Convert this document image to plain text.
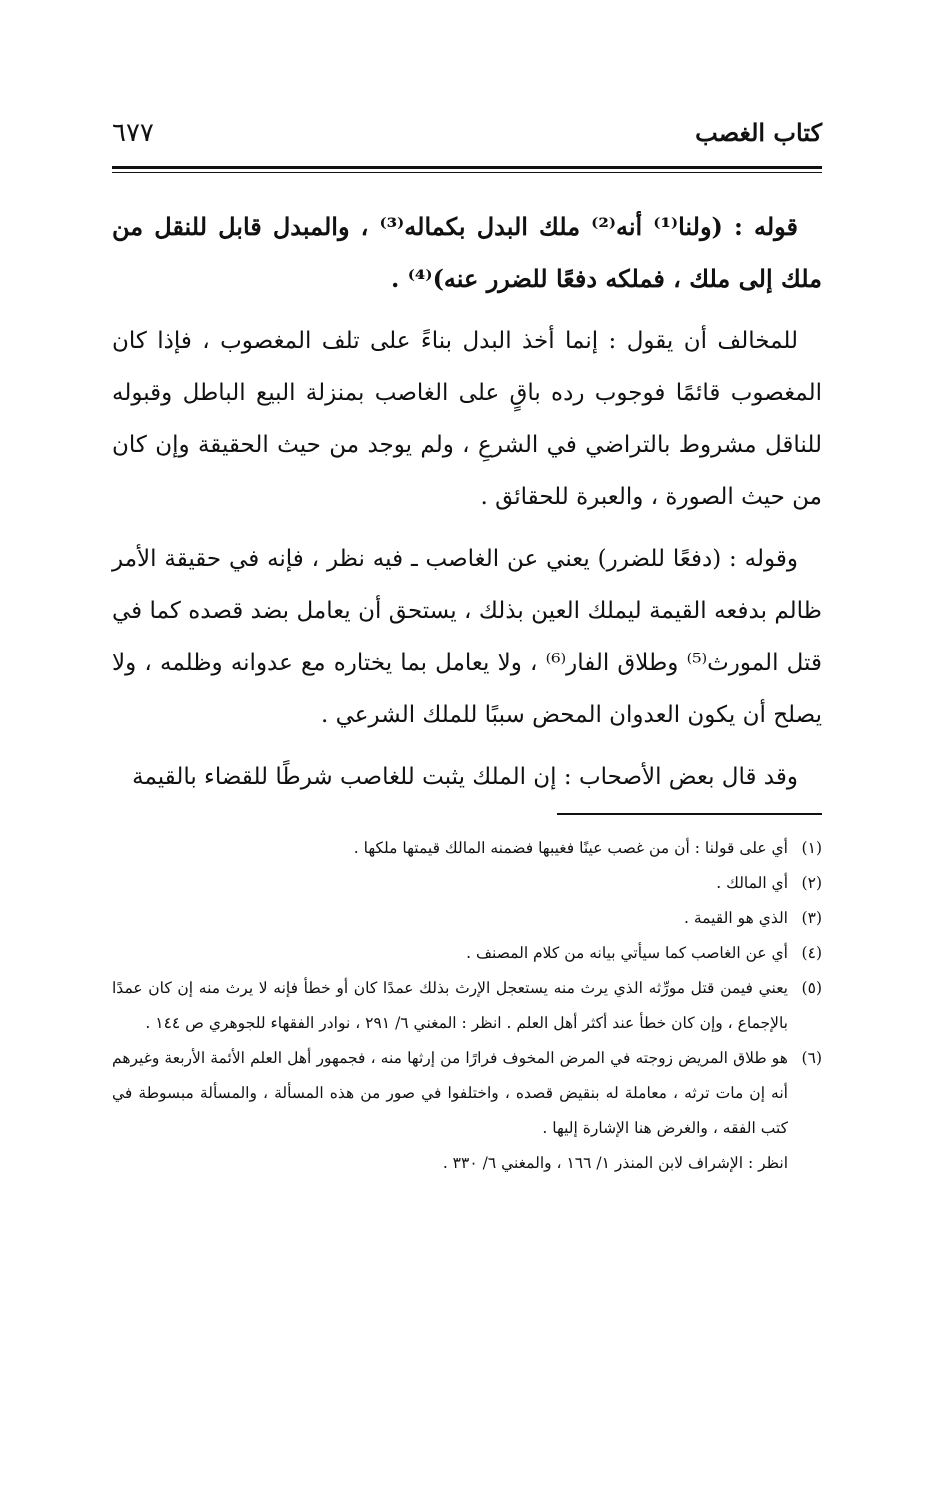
كتاب الغصب
٦٧٧

قوله : (ولنا⁽¹⁾ أنه⁽²⁾ ملك البدل بكماله⁽³⁾ ، والمبدل قابل للنقل من ملك إلى ملك ، فملكه دفعًا للضرر عنه)⁽⁴⁾ .

للمخالف أن يقول : إنما أخذ البدل بناءً على تلف المغصوب ، فإذا كان المغصوب قائمًا فوجوب رده باقٍ على الغاصب بمنزلة البيع الباطل وقبوله للناقل مشروط بالتراضي في الشرعِ ، ولم يوجد من حيث الحقيقة وإن كان من حيث الصورة ، والعبرة للحقائق .

وقوله : (دفعًا للضرر) يعني عن الغاصب ـ فيه نظر ، فإنه في حقيقة الأمر ظالم بدفعه القيمة ليملك العين بذلك ، يستحق أن يعامل بضد قصده كما في قتل المورث⁽⁵⁾ وطلاق الفار⁽⁶⁾ ، ولا يعامل بما يختاره مع عدوانه وظلمه ، ولا يصلح أن يكون العدوان المحض سببًا للملك الشرعي .

وقد قال بعض الأصحاب : إن الملك يثبت للغاصب شرطًا للقضاء بالقيمة

(١)
أي على قولنا : أن من غصب عينًا فغيبها فضمنه المالك قيمتها ملكها .
(٢)
أي المالك .
(٣)
الذي هو القيمة .
(٤)
أي عن الغاصب كما سيأتي بيانه من كلام المصنف .
(٥)
يعني فيمن قتل مورِّثه الذي يرث منه يستعجل الإرث بذلك عمدًا كان أو خطأ فإنه لا يرث منه إن كان عمدًا بالإجماع ، وإن كان خطأ عند أكثر أهل العلم . انظر : المغني ٦/ ٢٩١ ، نوادر الفقهاء للجوهري ص ١٤٤ .
(٦)
هو طلاق المريض زوجته في المرض المخوف فرارًا من إرثها منه ، فجمهور أهل العلم الأئمة الأربعة وغيرهم أنه إن مات ترثه ، معاملة له بنقيض قصده ، واختلفوا في صور من هذه المسألة ، والمسألة مبسوطة في كتب الفقه ، والغرض هنا الإشارة إليها .
انظر : الإشراف لابن المنذر ١/ ١٦٦ ، والمغني ٦/ ٣٣٠ .
